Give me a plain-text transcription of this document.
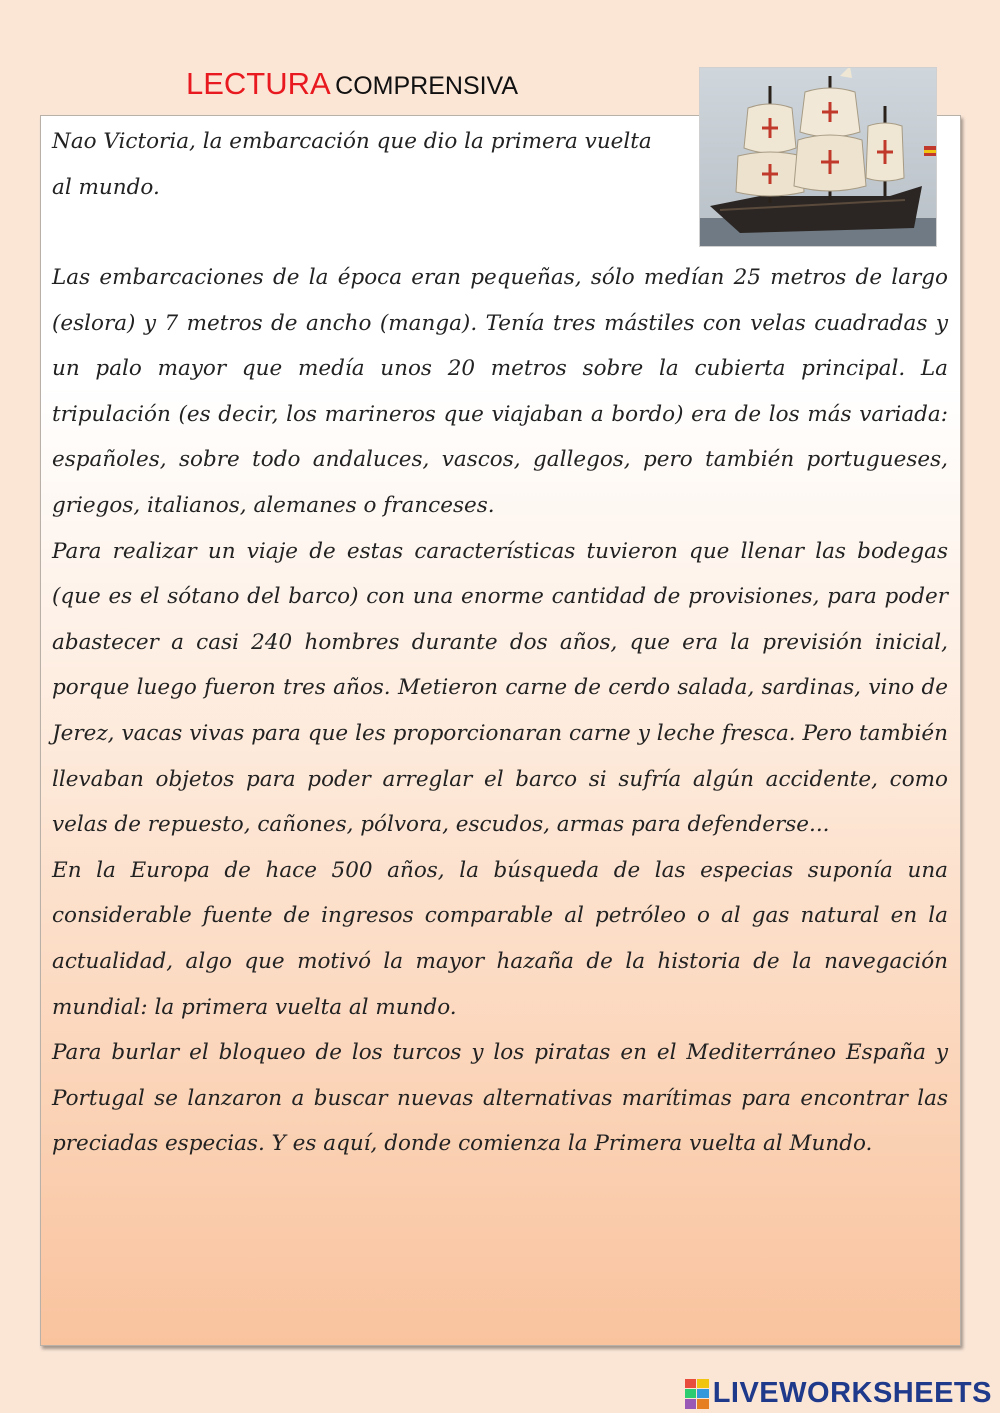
LECTURA COMPRENSIVA
Nao Victoria, la embarcación que dio la primera vuelta al mundo.

Las embarcaciones de la época eran pequeñas, sólo medían 25 metros de largo (eslora) y 7 metros de ancho (manga). Tenía tres mástiles con velas cuadradas y un palo mayor que medía unos 20 metros sobre la cubierta principal. La tripulación (es decir, los marineros que viajaban a bordo) era de los más variada: españoles, sobre todo andaluces, vascos, gallegos, pero también portugueses, griegos, italianos, alemanes o franceses.

Para realizar un viaje de estas características tuvieron que llenar las bodegas (que es el sótano del barco) con una enorme cantidad de provisiones, para poder abastecer a casi 240 hombres durante dos años, que era la previsión inicial, porque luego fueron tres años. Metieron carne de cerdo salada, sardinas, vino de Jerez, vacas vivas para que les proporcionaran carne y leche fresca. Pero también llevaban objetos para poder arreglar el barco si sufría algún accidente, como velas de repuesto, cañones, pólvora, escudos, armas para defenderse...

En la Europa de hace 500 años, la búsqueda de las especias suponía una considerable fuente de ingresos comparable al petróleo o al gas natural en la actualidad, algo que motivó la mayor hazaña de la historia de la navegación mundial: la primera vuelta al mundo.

Para burlar el bloqueo de los turcos y los piratas en el Mediterráneo España y Portugal se lanzaron a buscar nuevas alternativas marítimas para encontrar las preciadas especias. Y es aquí, donde comienza la Primera vuelta al Mundo.

LIVEWORKSHEETS
